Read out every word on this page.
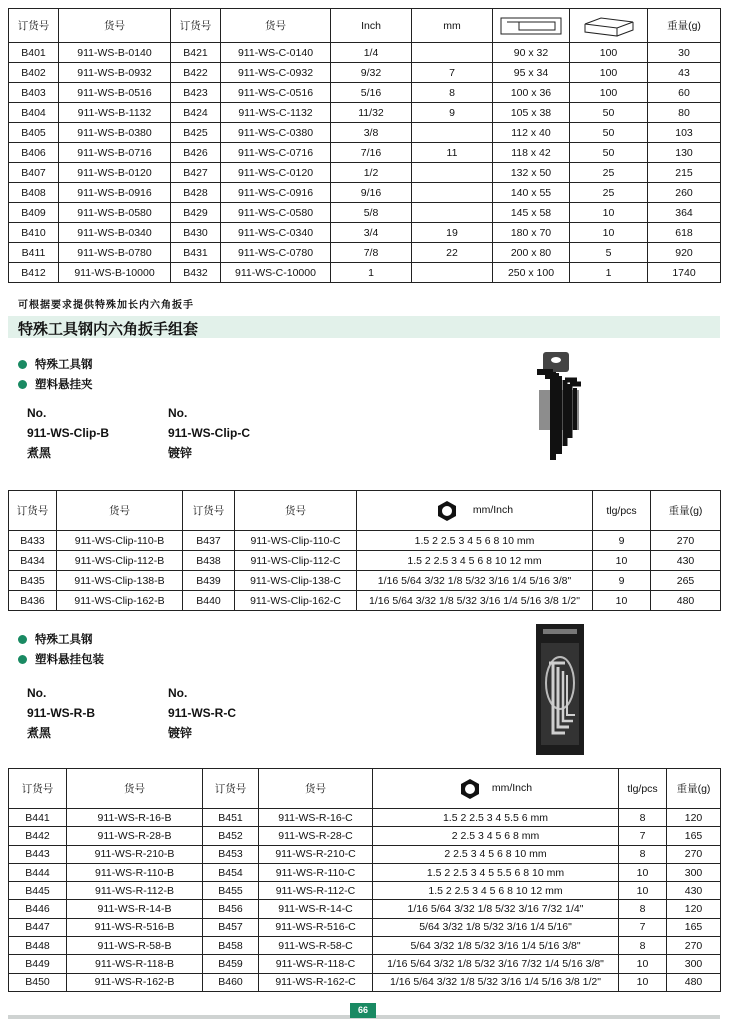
订货号	货号	订货号	货号	Inch	mm			重量(g)
B401	911-WS-B-0140	B421	911-WS-C-0140	1/4		90 x 32	100	30
B402	911-WS-B-0932	B422	911-WS-C-0932	9/32	7	95 x 34	100	43
B403	911-WS-B-0516	B423	911-WS-C-0516	5/16	8	100 x 36	100	60
B404	911-WS-B-1132	B424	911-WS-C-1132	11/32	9	105 x 38	50	80
B405	911-WS-B-0380	B425	911-WS-C-0380	3/8		112 x 40	50	103
B406	911-WS-B-0716	B426	911-WS-C-0716	7/16	11	118 x 42	50	130
B407	911-WS-B-0120	B427	911-WS-C-0120	1/2		132 x 50	25	215
B408	911-WS-B-0916	B428	911-WS-C-0916	9/16		140 x 55	25	260
B409	911-WS-B-0580	B429	911-WS-C-0580	5/8		145 x 58	10	364
B410	911-WS-B-0340	B430	911-WS-C-0340	3/4	19	180 x 70	10	618
B411	911-WS-B-0780	B431	911-WS-C-0780	7/8	22	200 x 80	5	920
B412	911-WS-B-10000	B432	911-WS-C-10000	1		250 x 100	1	1740
可根据要求提供特殊加长内六角扳手
特殊工具钢内六角扳手组套
特殊工具钢
塑料悬挂夹
No.
911-WS-Clip-B
煮黑
No.
911-WS-Clip-C
镀锌
订货号	货号	订货号	货号	mm/Inch	tlg/pcs	重量(g)
B433	911-WS-Clip-110-B	B437	911-WS-Clip-110-C	1.5 2 2.5 3 4 5 6 8 10 mm	9	270
B434	911-WS-Clip-112-B	B438	911-WS-Clip-112-C	1.5 2 2.5 3 4 5 6 8 10 12 mm	10	430
B435	911-WS-Clip-138-B	B439	911-WS-Clip-138-C	1/16 5/64 3/32 1/8 5/32 3/16 1/4 5/16 3/8"	9	265
B436	911-WS-Clip-162-B	B440	911-WS-Clip-162-C	1/16 5/64 3/32 1/8 5/32 3/16 1/4 5/16 3/8 1/2"	10	480
特殊工具钢
塑料悬挂包装
No.
911-WS-R-B
煮黑
No.
911-WS-R-C
镀锌
订货号	货号	订货号	货号	mm/Inch	tlg/pcs	重量(g)
B441	911-WS-R-16-B	B451	911-WS-R-16-C	1.5 2 2.5 3 4 5.5 6 mm	8	120
B442	911-WS-R-28-B	B452	911-WS-R-28-C	2 2.5 3 4 5 6 8 mm	7	165
B443	911-WS-R-210-B	B453	911-WS-R-210-C	2 2.5 3 4 5 6 8 10 mm	8	270
B444	911-WS-R-110-B	B454	911-WS-R-110-C	1.5 2 2.5 3 4 5 5.5 6 8 10 mm	10	300
B445	911-WS-R-112-B	B455	911-WS-R-112-C	1.5 2 2.5 3 4 5 6 8 10 12 mm	10	430
B446	911-WS-R-14-B	B456	911-WS-R-14-C	1/16 5/64 3/32 1/8 5/32 3/16 7/32 1/4"	8	120
B447	911-WS-R-516-B	B457	911-WS-R-516-C	5/64 3/32 1/8 5/32 3/16 1/4 5/16"	7	165
B448	911-WS-R-58-B	B458	911-WS-R-58-C	5/64 3/32 1/8 5/32 3/16 1/4 5/16 3/8"	8	270
B449	911-WS-R-118-B	B459	911-WS-R-118-C	1/16 5/64 3/32 1/8 5/32 3/16 7/32 1/4 5/16 3/8"	10	300
B450	911-WS-R-162-B	B460	911-WS-R-162-C	1/16 5/64 3/32 1/8 5/32 3/16 1/4 5/16 3/8 1/2"	10	480
66
